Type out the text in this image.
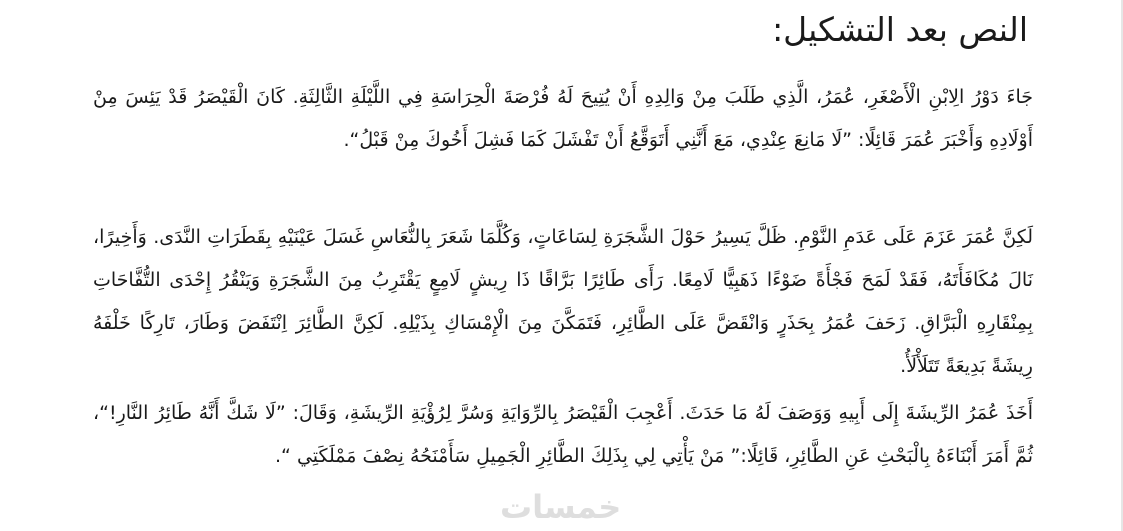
النص بعد التشكيل:

جَاءَ دَوْرُ الِابْنِ الْأَصْغَرِ، عُمَرُ، الَّذِي طَلَبَ مِنْ وَالِدِهِ أَنْ يُتِيحَ لَهُ فُرْصَةَ الْحِرَاسَةِ فِي اللَّيْلَةِ الثَّالِثَةِ. كَانَ الْقَيْصَرُ قَدْ يَئِسَ مِنْ أَوْلَادِهِ وَأَخْبَرَ عُمَرَ قَائِلًا: ”لَا مَانِعَ عِنْدِي، مَعَ أَنَّنِي أَتَوَقَّعُ أَنْ تَفْشَلَ كَمَا فَشِلَ أَخُوكَ مِنْ قَبْلُ“.

لَكِنَّ عُمَرَ عَزَمَ عَلَى عَدَمِ النَّوْمِ. ظَلَّ يَسِيرُ حَوْلَ الشَّجَرَةِ لِسَاعَاتٍ، وَكُلَّمَا شَعَرَ بِالنُّعَاسِ غَسَلَ عَيْنَيْهِ بِقَطَرَاتِ النَّدَى. وَأَخِيرًا، نَالَ مُكَافَأَتَهُ، فَقَدْ لَمَحَ فَجْأَةً ضَوْءًا ذَهَبِيًّا لَامِعًا. رَأَى طَائِرًا بَرَّاقًا ذَا رِيشٍ لَامِعٍ يَقْتَرِبُ مِنَ الشَّجَرَةِ وَيَنْقُرُ إِحْدَى التُّفَّاحَاتِ بِمِنْقَارِهِ الْبَرَّاقِ. زَحَفَ عُمَرُ بِحَذَرٍ وَانْقَضَّ عَلَى الطَّائِرِ، فَتَمَكَّنَ مِنَ الْإِمْسَاكِ بِذَيْلِهِ. لَكِنَّ الطَّائِرَ اِنْتَفَضَ وَطَارَ، تَارِكًا خَلْفَهُ رِيشَةً بَدِيعَةً تَتَلَأْلَأُ.

أَخَذَ عُمَرُ الرِّيشَةَ إِلَى أَبِيهِ وَوَصَفَ لَهُ مَا حَدَثَ. أَعْجِبَ الْقَيْصَرُ بِالرِّوَايَةِ وَسُرَّ لِرُؤْيَةِ الرِّيشَةِ، وَقَالَ: ”لَا شَكَّ أَنَّهُ طَائِرُ النَّارِ!“، ثُمَّ أَمَرَ أَبْنَاءَهُ بِالْبَحْثِ عَنِ الطَّائِرِ، قَائِلًا:” مَنْ يَأْتِي لِي بِذَلِكَ الطَّائِرِ الْجَمِيلِ سَأَمْنَحُهُ نِصْفَ مَمْلَكَتِي “.

خمسات
